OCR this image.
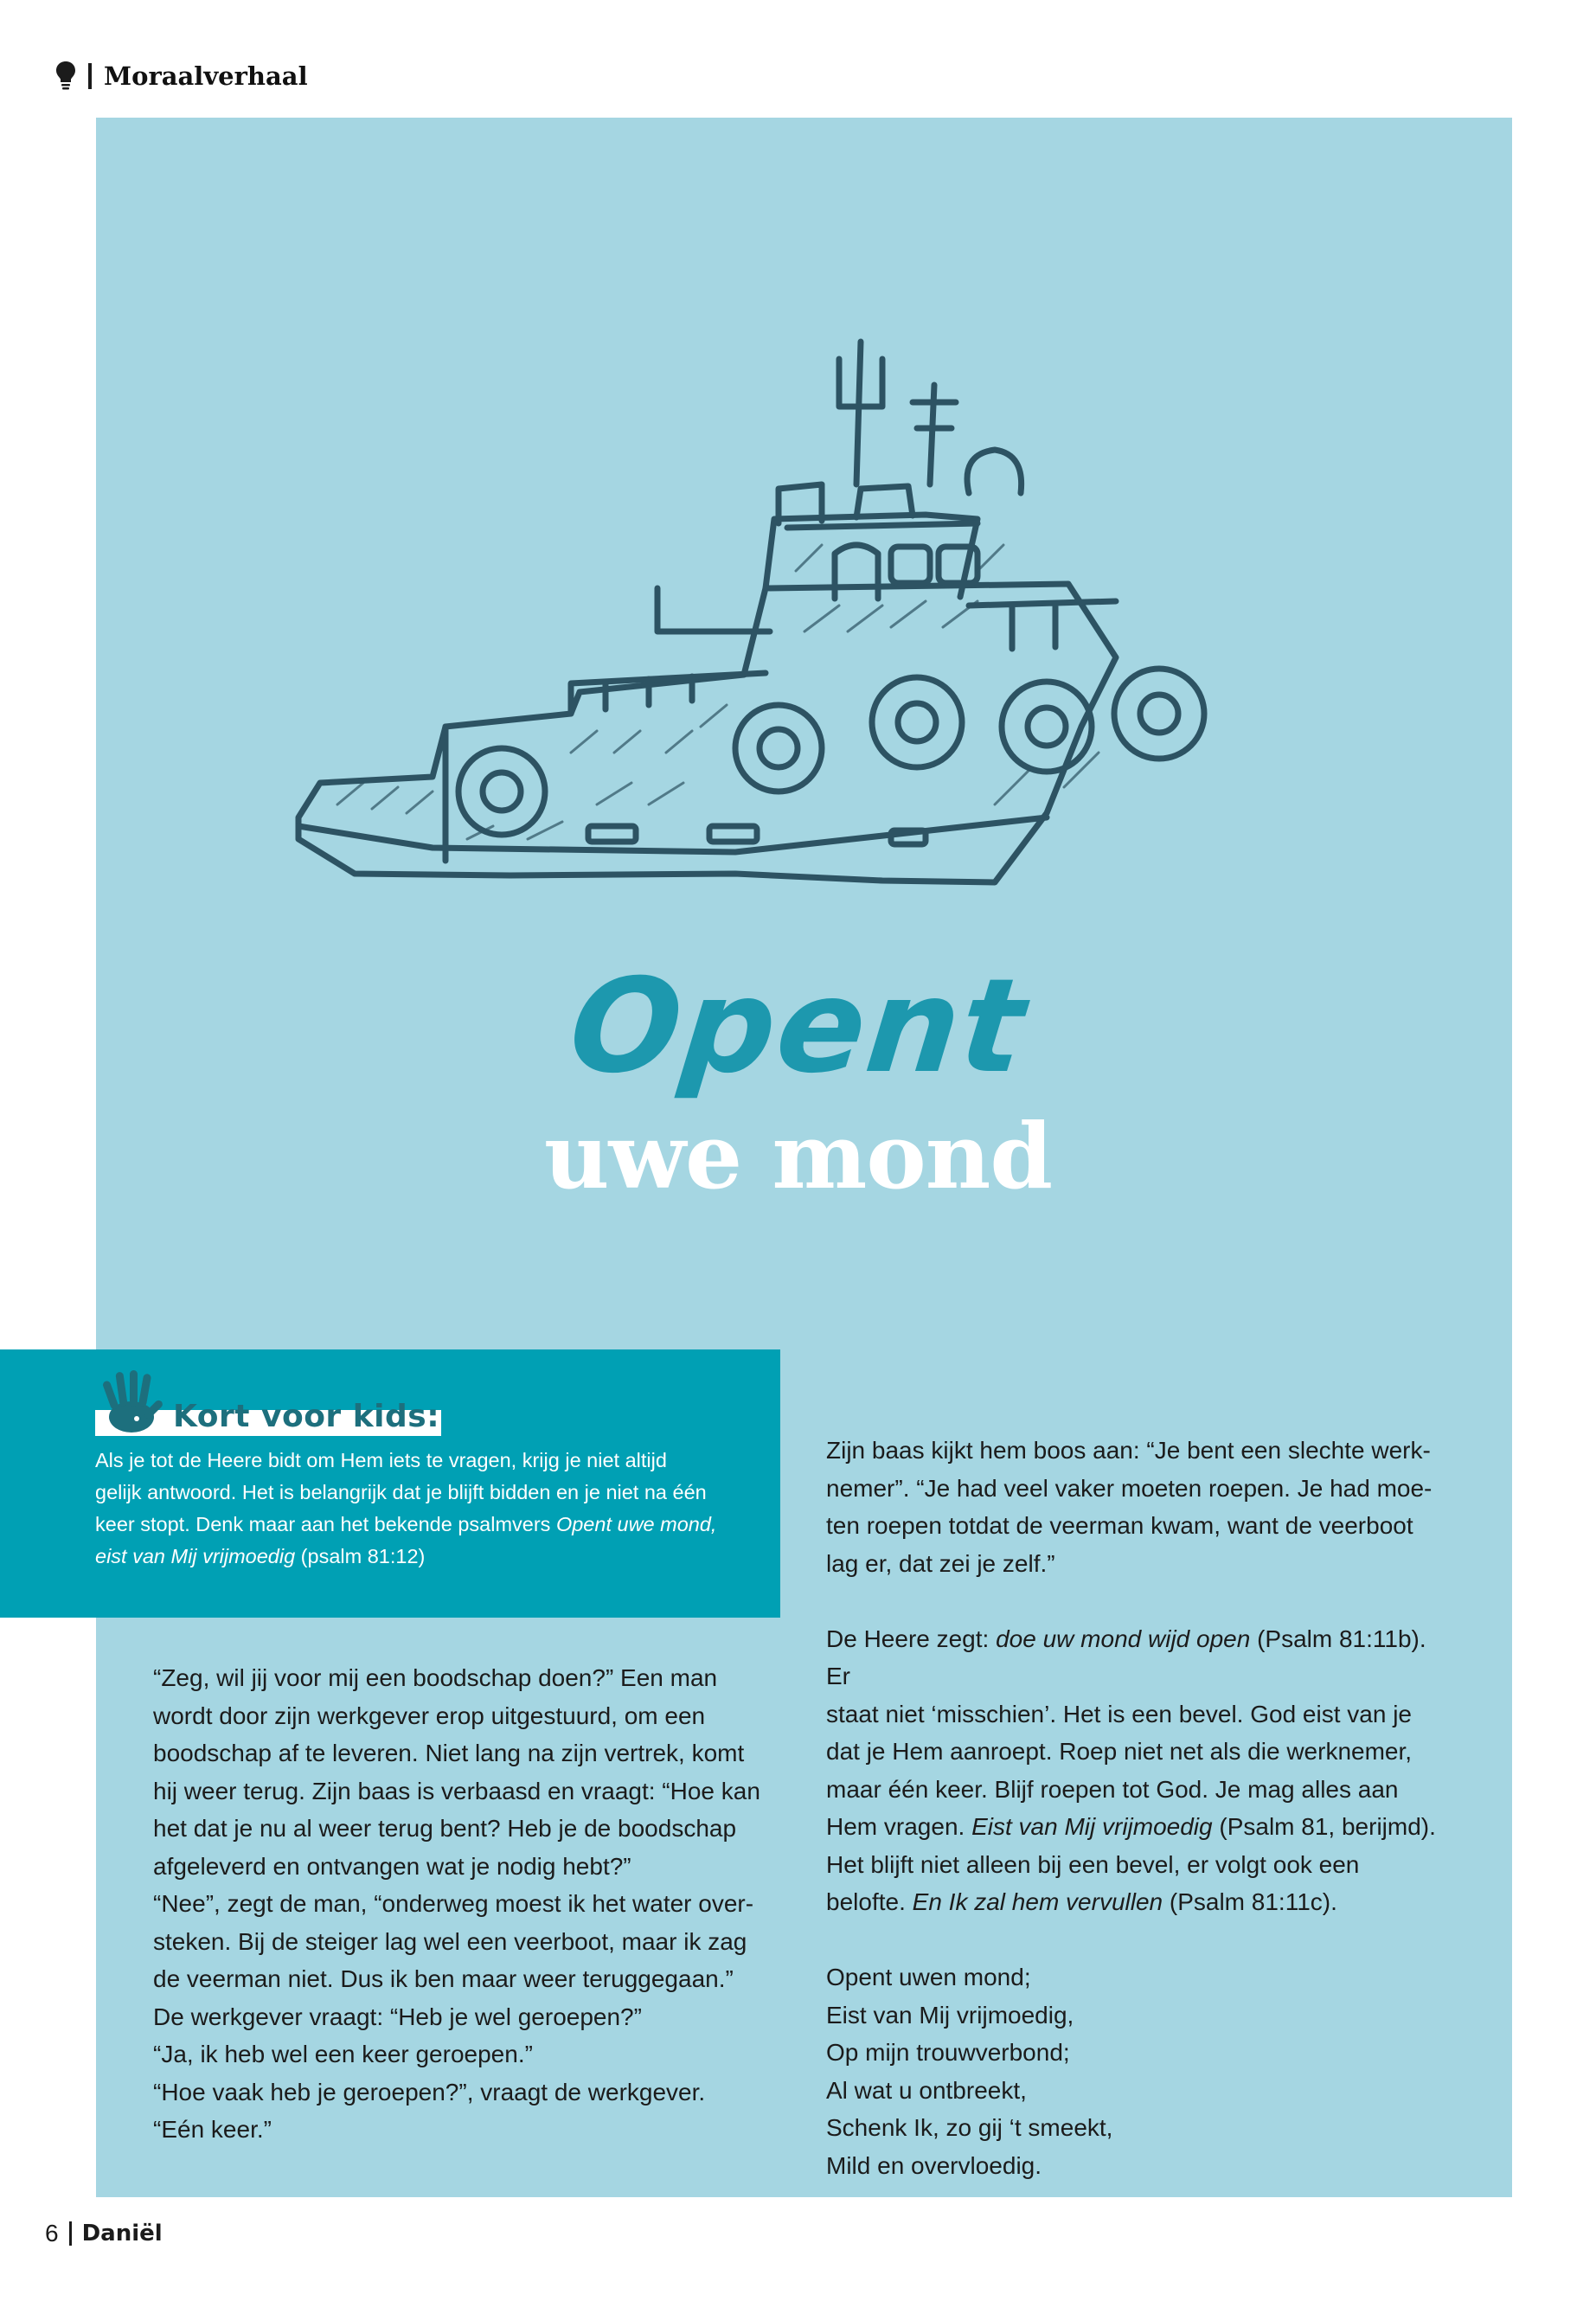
Moraalverhaal
Opent
uwe mond
Kort voor kids:
Als je tot de Heere bidt om Hem iets te vragen, krijg je niet altijd
gelijk antwoord. Het is belangrijk dat je blijft bidden en je niet na één
keer stopt. Denk maar aan het bekende psalmvers Opent uwe mond,
eist van Mij vrijmoedig (psalm 81:12)

“Zeg, wil jij voor mij een boodschap doen?” Een man

wordt door zijn werkgever erop uitgestuurd, om een

boodschap af te leveren. Niet lang na zijn vertrek, komt

hij weer terug. Zijn baas is verbaasd en vraagt: “Hoe kan

het dat je nu al weer terug bent? Heb je de boodschap

afgeleverd en ontvangen wat je nodig hebt?”

“Nee”, zegt de man, “onderweg moest ik het water over-

steken. Bij de steiger lag wel een veerboot, maar ik zag

de veerman niet. Dus ik ben maar weer teruggegaan.”

De werkgever vraagt: “Heb je wel geroepen?”

“Ja, ik heb wel een keer geroepen.”

“Hoe vaak heb je geroepen?”, vraagt de werkgever.

“Eén keer.”

Zijn baas kijkt hem boos aan: “Je bent een slechte werk-

nemer”. “Je had veel vaker moeten roepen. Je had moe-

ten roepen totdat de veerman kwam, want de veerboot

lag er, dat zei je zelf.”

De Heere zegt: doe uw mond wijd open (Psalm 81:11b). Er

staat niet ‘misschien’. Het is een bevel. God eist van je

dat je Hem aanroept. Roep niet net als die werknemer,

maar één keer. Blijf roepen tot God. Je mag alles aan

Hem vragen. Eist van Mij vrijmoedig (Psalm 81, berijmd).

Het blijft niet alleen bij een bevel, er volgt ook een

belofte. En Ik zal hem vervullen (Psalm 81:11c).

Opent uwen mond;

Eist van Mij vrijmoedig,

Op mijn trouwverbond;

Al wat u ontbreekt,

Schenk Ik, zo gij ‘t smeekt,

Mild en overvloedig.

6 Daniël
